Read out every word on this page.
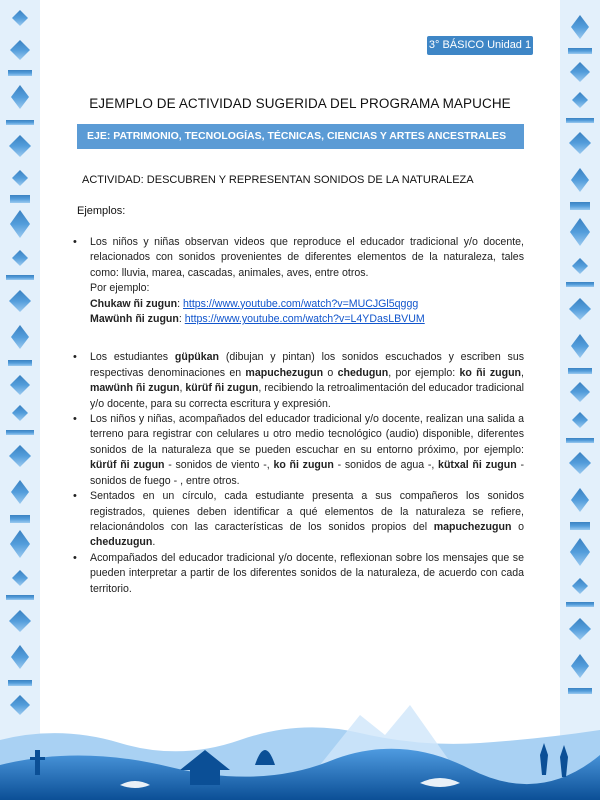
3° BÁSICO Unidad 1
EJEMPLO DE ACTIVIDAD SUGERIDA DEL PROGRAMA MAPUCHE
EJE: PATRIMONIO, TECNOLOGÍAS, TÉCNICAS, CIENCIAS Y ARTES ANCESTRALES
ACTIVIDAD: DESCUBREN Y REPRESENTAN SONIDOS DE LA NATURALEZA
Ejemplos:

• Los niños y niñas observan videos que reproduce el educador tradicional y/o docente, relacionados con sonidos provenientes de diferentes elementos de la naturaleza, tales como: lluvia, marea, cascadas, animales, aves, entre otros.

Por ejemplo:

Chukaw ñi zugun: https://www.youtube.com/watch?v=MUCJGl5qggg

Mawünh ñi zugun: https://www.youtube.com/watch?v=L4YDasLBVUM

• Los estudiantes güpükan (dibujan y pintan) los sonidos escuchados y escriben sus respectivas denominaciones en mapuchezugun o chedugun, por ejemplo: ko ñi zugun, mawünh ñi zugun, kürüf ñi zugun, recibiendo la retroalimentación del educador tradicional y/o docente, para su correcta escritura y expresión.

• Los niños y niñas, acompañados del educador tradicional y/o docente, realizan una salida a terreno para registrar con celulares u otro medio tecnológico (audio) disponible, diferentes sonidos de la naturaleza que se pueden escuchar en su entorno próximo, por ejemplo: kürüf ñi zugun - sonidos de viento -, ko ñi zugun - sonidos de agua -, kütxal ñi zugun - sonidos de fuego - , entre otros.

• Sentados en un círculo, cada estudiante presenta a sus compañeros los sonidos registrados, quienes deben identificar a qué elementos de la naturaleza se refiere, relacionándolos con las características de los sonidos propios del mapuchezugun o cheduzugun.

• Acompañados del educador tradicional y/o docente, reflexionan sobre los mensajes que se pueden interpretar a partir de los diferentes sonidos de la naturaleza, de acuerdo con cada territorio.
